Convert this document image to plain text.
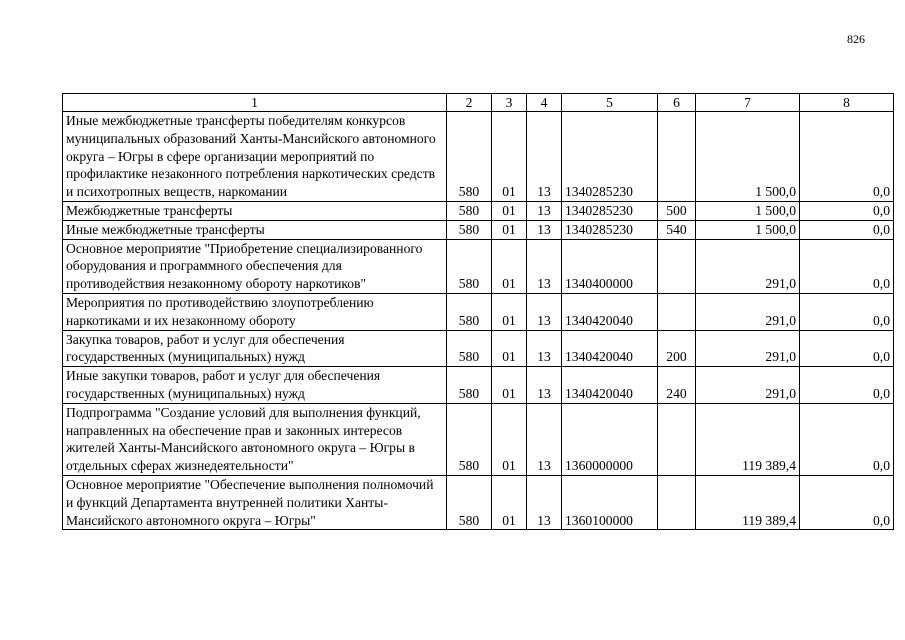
826
1	2	3	4	5	6	7	8
Иные межбюджетные трансферты победителям конкурсов муниципальных образований Ханты-Мансийского автономного округа – Югры в сфере организации мероприятий по профилактике незаконного потребления наркотических средств и психотропных веществ, наркомании	580	01	13	1340285230		1 500,0	0,0
Межбюджетные трансферты	580	01	13	1340285230	500	1 500,0	0,0
Иные межбюджетные трансферты	580	01	13	1340285230	540	1 500,0	0,0
Основное мероприятие "Приобретение специализированного оборудования и программного обеспечения для противодействия незаконному обороту наркотиков"	580	01	13	1340400000		291,0	0,0
Мероприятия по противодействию злоупотреблению наркотиками и их незаконному обороту	580	01	13	1340420040		291,0	0,0
Закупка товаров, работ и услуг для обеспечения государственных (муниципальных) нужд	580	01	13	1340420040	200	291,0	0,0
Иные закупки товаров, работ и услуг для обеспечения государственных (муниципальных) нужд	580	01	13	1340420040	240	291,0	0,0
Подпрограмма "Создание условий для выполнения функций, направленных на обеспечение прав и законных интересов жителей Ханты-Мансийского автономного округа – Югры в отдельных сферах жизнедеятельности"	580	01	13	1360000000		119 389,4	0,0
Основное мероприятие "Обеспечение выполнения полномочий и функций Департамента внутренней политики Ханты-Мансийского автономного округа – Югры"	580	01	13	1360100000		119 389,4	0,0
